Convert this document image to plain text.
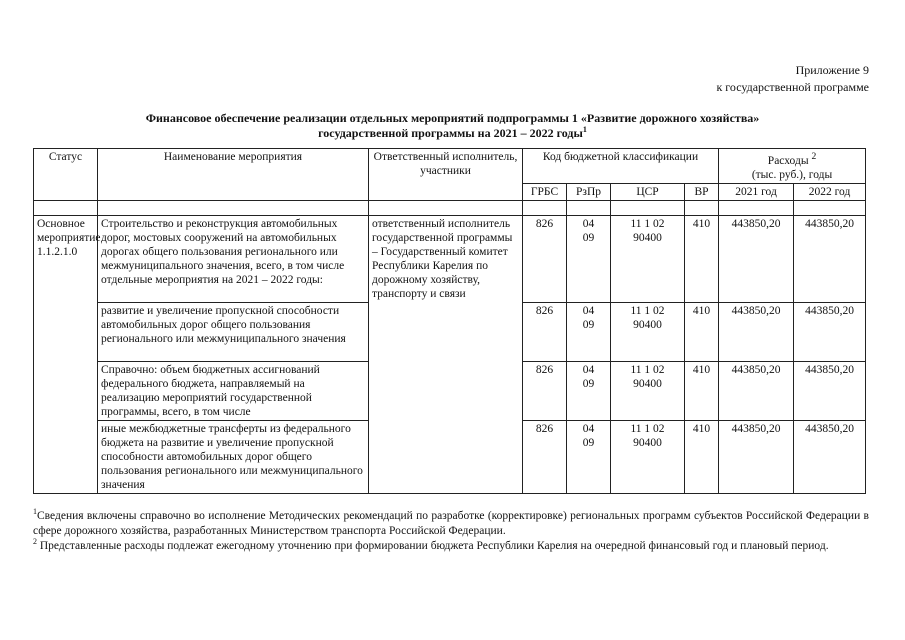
Приложение 9
к государственной программе
Финансовое обеспечение реализации отдельных мероприятий подпрограммы 1 «Развитие дорожного хозяйства»
государственной программы на 2021 – 2022 годы$^1$
Статус	Наименование мероприятия	Ответственный исполнитель, участники	Код бюджетной классификации				Расходы $^2$
(тыс. руб.), годы	
			ГРБС	РзПр	ЦСР	ВР	2021 год	2022 год

Основное мероприятие 1.1.2.1.0	Строительство и реконструкция автомобильных дорог, мостовых сооружений на автомобильных дорогах общего пользования регионального или межмуниципального значения, всего, в том числе отдельные мероприятия на 2021 – 2022 годы:	ответственный исполнитель государственной программы – Государственный комитет Республики Карелия по дорожному хозяйству, транспорту и связи	826	04
09	11 1 02
90400	410	443850,20	443850,20
	развитие и увеличение пропускной способности автомобильных дорог общего пользования регионального или межмуниципального значения		826	04
09	11 1 02
90400	410	443850,20	443850,20
	Справочно: объем бюджетных ассигнований федерального бюджета, направляемый на реализацию мероприятий государственной программы, всего, в том числе		826	04
09	11 1 02
90400	410	443850,20	443850,20
	иные межбюджетные трансферты из федерального бюджета на развитие и увеличение пропускной способности автомобильных дорог общего пользования регионального или межмуниципального значения		826	04
09	11 1 02
90400	410	443850,20	443850,20

$^1$Сведения включены справочно во исполнение Методических рекомендаций по разработке (корректировке) региональных программ субъектов Российской Федерации в сфере дорожного хозяйства, разработанных Министерством транспорта Российской Федерации.

$^2$ Представленные расходы подлежат ежегодному уточнению при формировании бюджета Республики Карелия на очередной финансовый год и плановый период.
